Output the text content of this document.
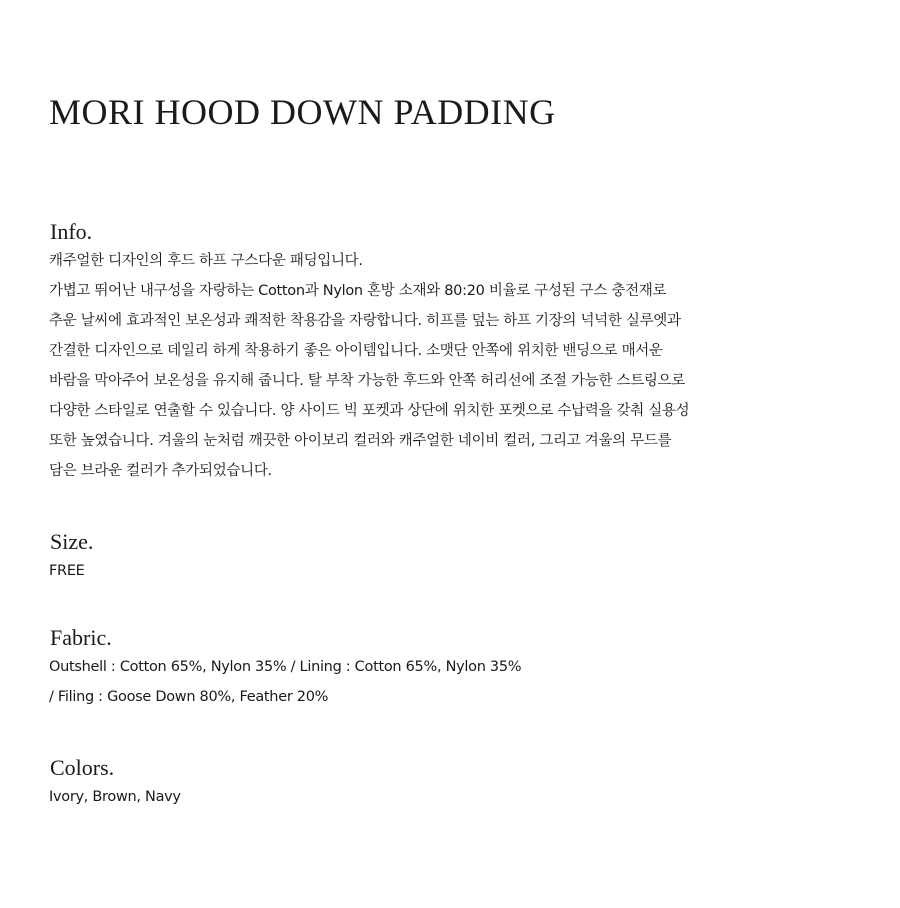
MORI HOOD DOWN PADDING
Info.
캐주얼한 디자인의 후드 하프 구스다운 패딩입니다.
가볍고 뛰어난 내구성을 자랑하는 Cotton과 Nylon 혼방 소재와 80:20 비율로 구성된 구스 충전재로
추운 날씨에 효과적인 보온성과 쾌적한 착용감을 자랑합니다. 히프를 덮는 하프 기장의 넉넉한 실루엣과
간결한 디자인으로 데일리 하게 착용하기 좋은 아이템입니다. 소맷단 안쪽에 위치한 밴딩으로 매서운
바람을 막아주어 보온성을 유지해 줍니다. 탈 부착 가능한 후드와 안쪽 허리선에 조절 가능한 스트링으로
다양한 스타일로 연출할 수 있습니다. 양 사이드 빅 포켓과 상단에 위치한 포켓으로 수납력을 갖춰 실용성
또한 높였습니다. 겨울의 눈처럼 깨끗한 아이보리 컬러와 캐주얼한 네이비 컬러, 그리고 겨울의 무드를
담은 브라운 컬러가 추가되었습니다.
Size.
FREE
Fabric.
Outshell : Cotton 65%, Nylon 35% / Lining : Cotton 65%, Nylon 35%
/ Filing : Goose Down 80%, Feather 20%
Colors.
Ivory, Brown, Navy
